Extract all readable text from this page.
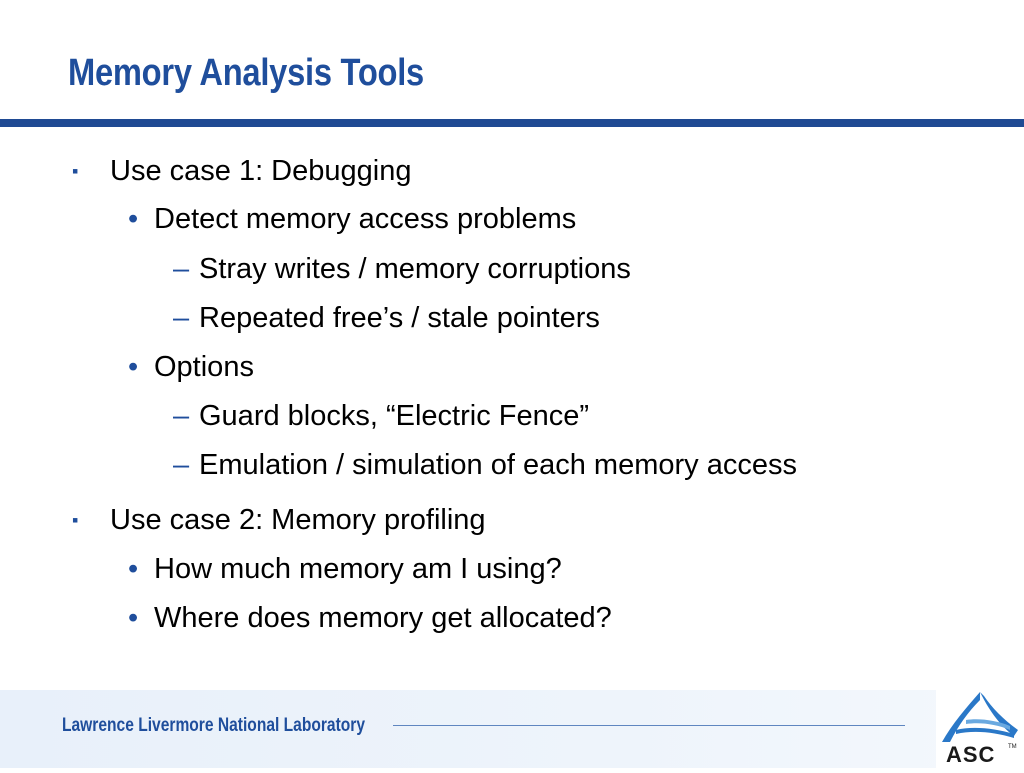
Memory Analysis Tools
▪ Use case 1: Debugging
• Detect memory access problems
– Stray writes / memory corruptions
– Repeated free’s / stale pointers
• Options
– Guard blocks, “Electric Fence”
– Emulation / simulation of each memory access
▪ Use case 2: Memory profiling
• How much memory am I using?
• Where does memory get allocated?
Lawrence Livermore National Laboratory
ASC TM
